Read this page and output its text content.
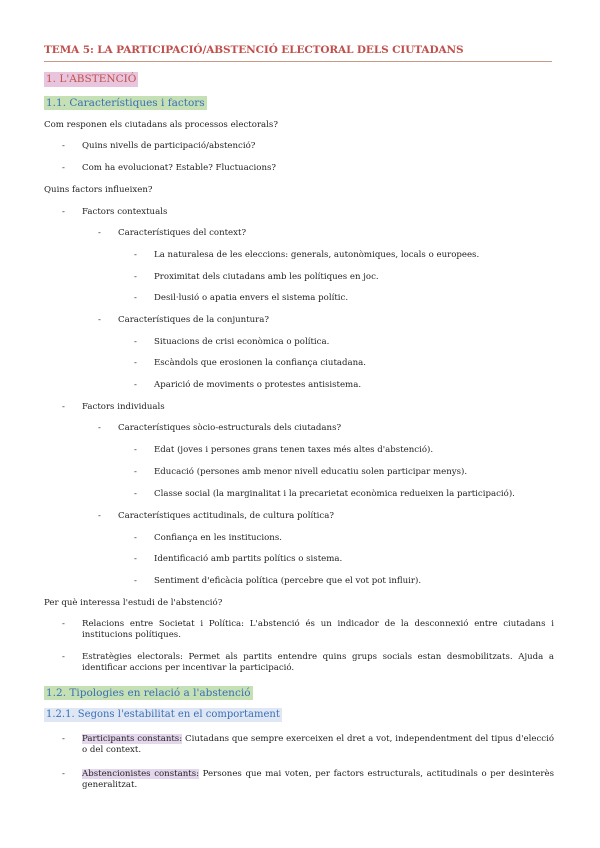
TEMA 5: LA PARTICIPACIÓ/ABSTENCIÓ ELECTORAL DELS CIUTADANS
1. L'ABSTENCIÓ
1.1. Característiques i factors
Com responen els ciutadans als processos electorals?
- Quins nivells de participació/abstenció?
- Com ha evolucionat? Estable? Fluctuacions?
Quins factors influeixen?
- Factors contextuals
- Característiques del context?
- La naturalesa de les eleccions: generals, autonòmiques, locals o europees.
- Proximitat dels ciutadans amb les polítiques en joc.
- Desil·lusió o apatia envers el sistema polític.
- Característiques de la conjuntura?
- Situacions de crisi econòmica o política.
- Escàndols que erosionen la confiança ciutadana.
- Aparició de moviments o protestes antisistema.
- Factors individuals
- Característiques sòcio-estructurals dels ciutadans?
- Edat (joves i persones grans tenen taxes més altes d'abstenció).
- Educació (persones amb menor nivell educatiu solen participar menys).
- Classe social (la marginalitat i la precarietat econòmica redueixen la participació).
- Característiques actitudinals, de cultura política?
- Confiança en les institucions.
- Identificació amb partits polítics o sistema.
- Sentiment d'eficàcia política (percebre que el vot pot influir).
Per què interessa l'estudi de l'abstenció?
- Relacions entre Societat i Política: L'abstenció és un indicador de la desconnexió entre ciutadans i institucions polítiques.
- Estratègies electorals: Permet als partits entendre quins grups socials estan desmobilitzats. Ajuda a identificar accions per incentivar la participació.
1.2. Tipologies en relació a l'abstenció
1.2.1. Segons l'estabilitat en el comportament
- Participants constants: Ciutadans que sempre exerceixen el dret a vot, independentment del tipus d'elecció o del context.
- Abstencionistes constants: Persones que mai voten, per factors estructurals, actitudinals o per desinterès generalitzat.
